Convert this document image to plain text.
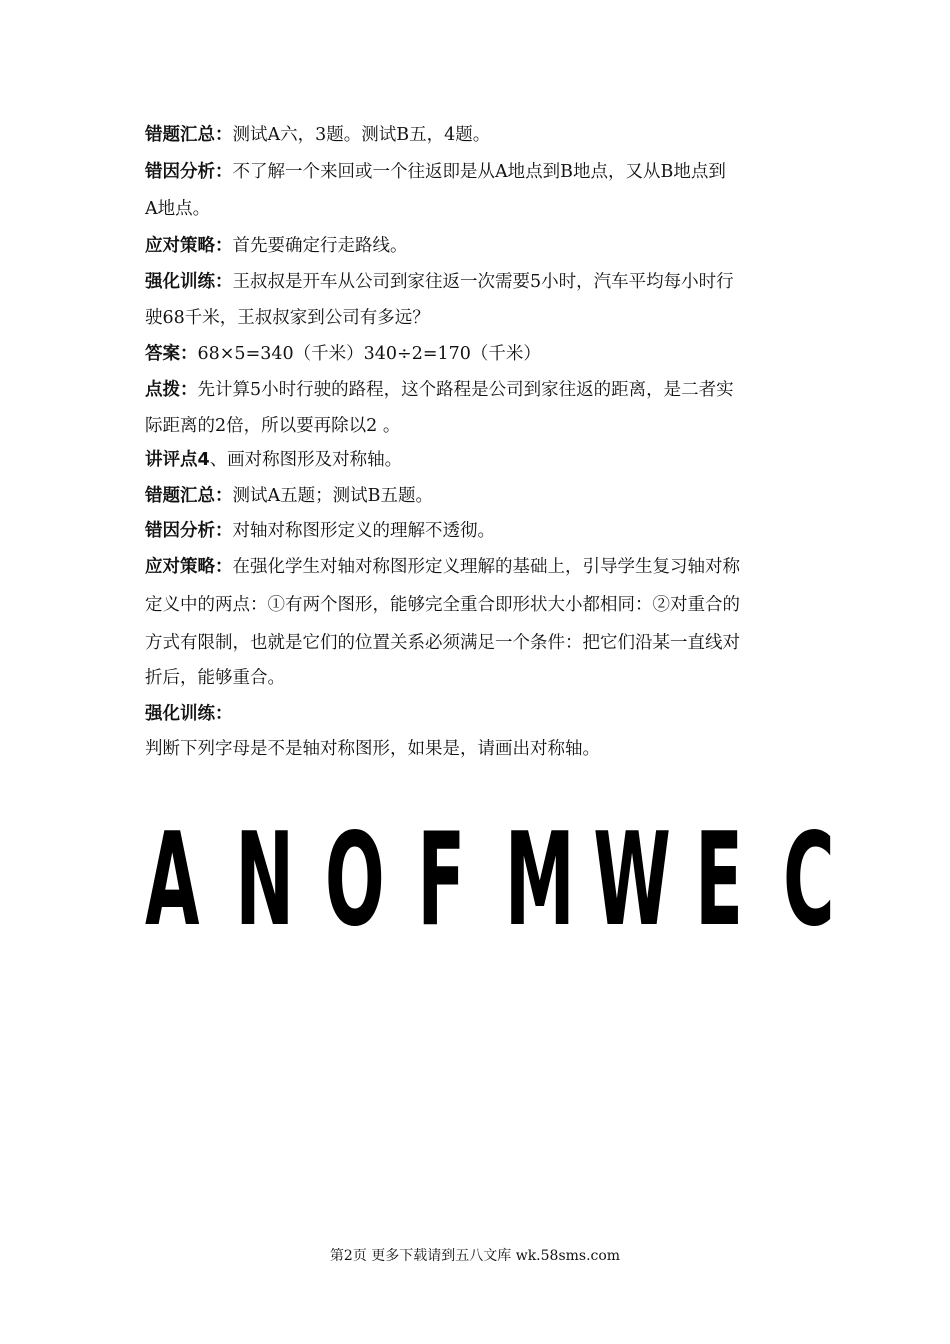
错题汇总：测试A六，3题。测试B五，4题。
错因分析：不了解一个来回或一个往返即是从A地点到B地点，又从B地点到
A地点。
应对策略：首先要确定行走路线。
强化训练：王叔叔是开车从公司到家往返一次需要5小时，汽车平均每小时行
驶68千米，王叔叔家到公司有多远？
答案：68×5=340（千米）340÷2=170（千米）
点拨：先计算5小时行驶的路程，这个路程是公司到家往返的距离，是二者实
际距离的2倍，所以要再除以2 。
讲评点4、画对称图形及对称轴。
错题汇总：测试A五题；测试B五题。
错因分析：对轴对称图形定义的理解不透彻。
应对策略：在强化学生对轴对称图形定义理解的基础上，引导学生复习轴对称
定义中的两点：①有两个图形，能够完全重合即形状大小都相同：②对重合的
方式有限制，也就是它们的位置关系必须满足一个条件：把它们沿某一直线对
折后，能够重合。
强化训练：
判断下列字母是不是轴对称图形，如果是，请画出对称轴。
A N O F M W E C
第2页 更多下载请到五八文库 wk.58sms.com
